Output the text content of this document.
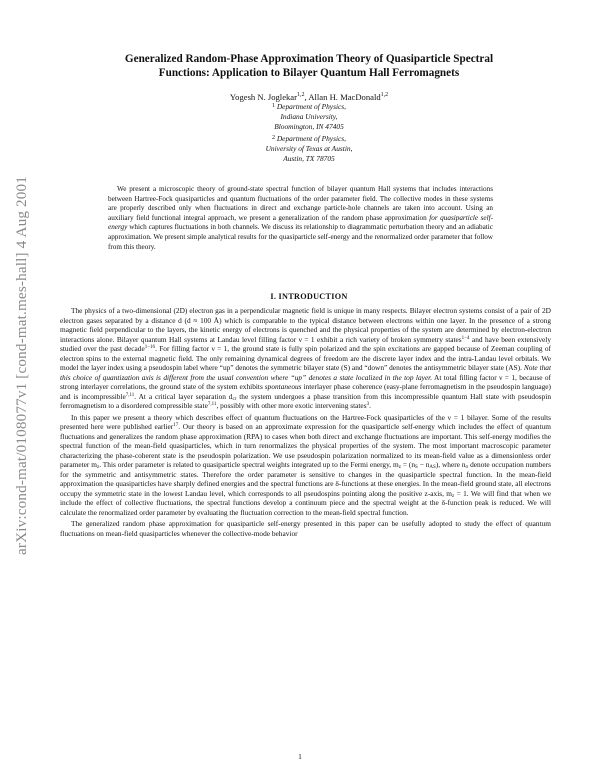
arXiv:cond-mat/0108077v1 [cond-mat.mes-hall] 4 Aug 2001
Generalized Random-Phase Approximation Theory of Quasiparticle Spectral
Functions: Application to Bilayer Quantum Hall Ferromagnets
Yogesh N. Joglekar$^{1,2}$, Allan H. MacDonald$^{1,2}$
$^1$ Department of Physics,
Indiana University,
Bloomington, IN 47405
$^2$ Department of Physics,
University of Texas at Austin,
Austin, TX 78705
We present a microscopic theory of ground-state spectral function of bilayer quantum Hall systems that includes interactions between Hartree-Fock quasiparticles and quantum fluctuations of the order parameter field. The collective modes in these systems are properly described only when fluctuations in direct and exchange particle-hole channels are taken into account. Using an auxiliary field functional integral approach, we present a generalization of the random phase approximation for quasiparticle self-energy which captures fluctuations in both channels. We discuss its relationship to diagrammatic perturbation theory and an adiabatic approximation. We present simple analytical results for the quasiparticle self-energy and the renormalized order parameter that follow from this theory.
I. INTRODUCTION

The physics of a two-dimensional (2D) electron gas in a perpendicular magnetic field is unique in many respects. Bilayer electron systems consist of a pair of 2D electron gases separated by a distance d (d ≈ 100 Å) which is comparable to the typical distance between electrons within one layer. In the presence of a strong magnetic field perpendicular to the layers, the kinetic energy of electrons is quenched and the physical properties of the system are determined by electron-electron interactions alone. Bilayer quantum Hall systems at Landau level filling factor ν = 1 exhibit a rich variety of broken symmetry states$^{1-4}$ and have been extensively studied over the past decade$^{1-16}$. For filling factor ν = 1, the ground state is fully spin polarized and the spin excitations are gapped because of Zeeman coupling of electron spins to the external magnetic field. The only remaining dynamical degrees of freedom are the discrete layer index and the intra-Landau level orbitals. We model the layer index using a pseudospin label where “up” denotes the symmetric bilayer state (S) and “down” denotes the antisymmetric bilayer state (AS). Note that this choice of quantization axis is different from the usual convention where “up” denotes a state localized in the top layer. At total filling factor ν = 1, because of strong interlayer correlations, the ground state of the system exhibits spontaneous interlayer phase coherence (easy-plane ferromagnetism in the pseudospin language) and is incompressible$^{7,11}$. At a critical layer separation $d_{cr}$ the system undergoes a phase transition from this incompressible quantum Hall state with pseudospin ferromagnetism to a disordered compressible state$^{7,11}$, possibly with other more exotic intervening states$^3$.

In this paper we present a theory which describes effect of quantum fluctuations on the Hartree-Fock quasiparticles of the ν = 1 bilayer. Some of the results presented here were published earlier$^{17}$. Our theory is based on an approximate expression for the quasiparticle self-energy which includes the effect of quantum fluctuations and generalizes the random phase approximation (RPA) to cases when both direct and exchange fluctuations are important. This self-energy modifies the spectral function of the mean-field quasiparticles, which in turn renormalizes the physical properties of the system. The most important macroscopic parameter characterizing the phase-coherent state is the pseudospin polarization. We use pseudospin polarization normalized to its mean-field value as a dimensionless order parameter $m_z$. This order parameter is related to quasiparticle spectral weights integrated up to the Fermi energy, $m_z = (n_S - n_{AS})$, where $n_\sigma$ denote occupation numbers for the symmetric and antisymmetric states. Therefore the order parameter is sensitive to changes in the quasiparticle spectral function. In the mean-field approximation the quasiparticles have sharply defined energies and the spectral functions are δ-functions at these energies. In the mean-field ground state, all electrons occupy the symmetric state in the lowest Landau level, which corresponds to all pseudospins pointing along the positive z-axis, $m_z = 1$. We will find that when we include the effect of collective fluctuations, the spectral functions develop a continuum piece and the spectral weight at the δ-function peak is reduced. We will calculate the renormalized order parameter by evaluating the fluctuation correction to the mean-field spectral function.

The generalized random phase approximation for quasiparticle self-energy presented in this paper can be usefully adopted to study the effect of quantum fluctuations on mean-field quasiparticles whenever the collective-mode behavior

1
